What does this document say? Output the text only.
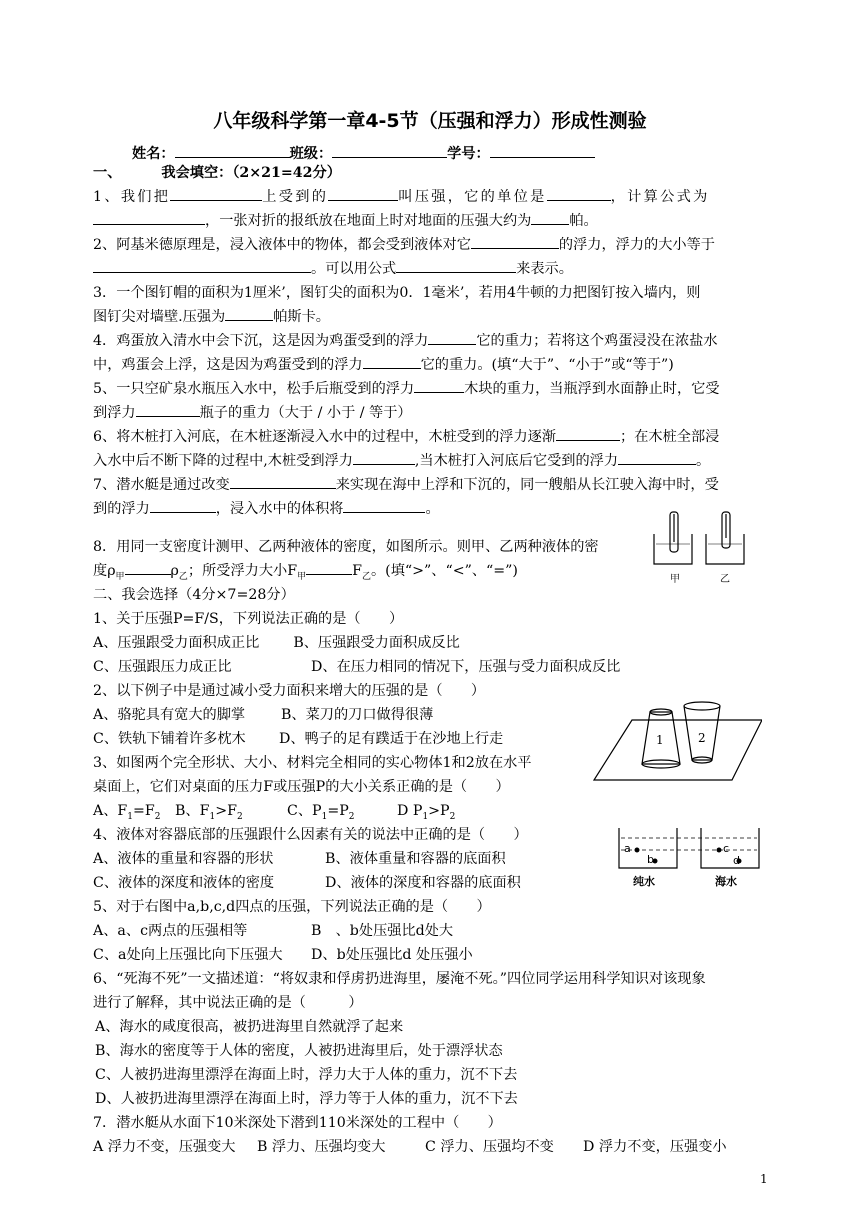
八年级科学第一章4-5节（压强和浮力）形成性测验
姓名：	班级：	学号：
一、	我会填空：（2×21=42分）
1、我们把	上受到的	叫压强，它的单位是	，计算公式为
，一张对折的报纸放在地面上时对地面的压强大约为	帕。
2、阿基米德原理是，浸入液体中的物体，都会受到液体对它	的浮力，浮力的大小等于
。可以用公式	来表示。
3．一个图钉帽的面积为1厘米’，图钉尖的面积为0．1毫米’，若用4牛顿的力把图钉按入墙内，则
图钉尖对墙壁.压强为	帕斯卡。
4．鸡蛋放入清水中会下沉，这是因为鸡蛋受到的浮力	它的重力；若将这个鸡蛋浸没在浓盐水
中，鸡蛋会上浮，这是因为鸡蛋受到的浮力	它的重力。(填“大于”、“小于”或“等于”)
5、一只空矿泉水瓶压入水中，松手后瓶受到的浮力	木块的重力，当瓶浮到水面静止时，它受
到浮力	瓶子的重力（大于 / 小于 / 等于）
6、将木桩打入河底，在木桩逐渐浸入水中的过程中，木桩受到的浮力逐渐	；在木桩全部浸
入水中后不断下降的过程中,木桩受到浮力	,当木桩打入河底后它受到的浮力	。
7、潜水艇是通过改变	来实现在海中上浮和下沉的，同一艘船从长江驶入海中时，受
到的浮力	，浸入水中的体积将	。
8．用同一支密度计测甲、乙两种液体的密度，如图所示。则甲、乙两种液体的密
度$\rho_甲$	$\rho_乙$；所受浮力大小$F_甲$	$F_乙$。(填“>”、“<”、“=”)
甲	乙
二、我会选择（4分×7=28分）
1、关于压强P=F/S，下列说法正确的是（　　）
A、压强跟受力面积成正比 B、压强跟受力面积成反比
C、压强跟压力成正比	D、在压力相同的情况下，压强与受力面积成反比
2、以下例子中是通过减小受力面积来增大的压强的是（　　）
A、骆驼具有宽大的脚掌	B、菜刀的刀口做得很薄
C、铁轨下铺着许多枕木 D、鸭子的足有蹼适于在沙地上行走
3、如图两个完全形状、大小、材料完全相同的实心物体1和2放在水平
桌面上，它们对桌面的压力F或压强P的大小关系正确的是（　　）
A、$F_1=F_2$ B、$F_1>F_2$	C、$P_1=P_2$	D $P_1>P_2$
1	2
4、液体对容器底部的压强跟什么因素有关的说法中正确的是（　　）
A、液体的重量和容器的形状	B、液体重量和容器的底面积
C、液体的深度和液体的密度	D、液体的深度和容器的底面积
5、对于右图中a,b,c,d四点的压强，下列说法正确的是（　　）
A、a、c两点的压强相等	B　、b处压强比d处大
C、a处向上压强比向下压强大 D、b处压强比d 处压强小
a
b
c
d
纯水	海水
6、“死海不死”一文描述道：“将奴隶和俘虏扔进海里，屡淹不死。”四位同学运用科学知识对该现象
进行了解释，其中说法正确的是（　　　）
A、海水的咸度很高，被扔进海里自然就浮了起来
B、海水的密度等于人体的密度，人被扔进海里后，处于漂浮状态
C、人被扔进海里漂浮在海面上时，浮力大于人体的重力，沉不下去
D、人被扔进海里漂浮在海面上时，浮力等于人体的重力，沉不下去
7．潜水艇从水面下10米深处下潜到110米深处的工程中（　　）
A 浮力不变，压强变大 B 浮力、压强均变大	C 浮力、压强均不变 D 浮力不变，压强变小
1
